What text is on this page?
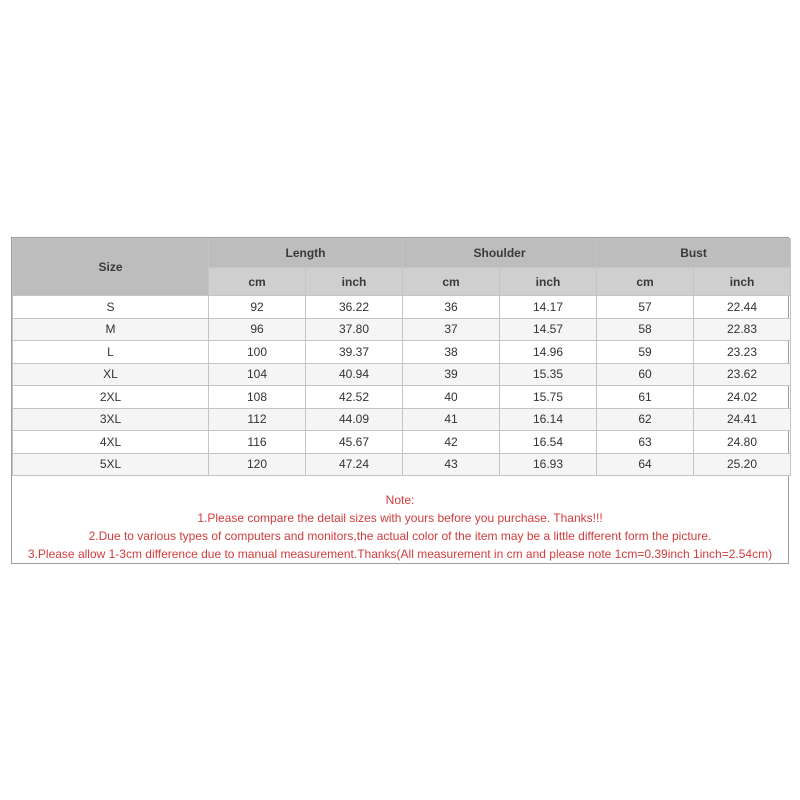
Size	Length		Shoulder		Bust	
	cm	inch	cm	inch	cm	inch
S	92	36.22	36	14.17	57	22.44
M	96	37.80	37	14.57	58	22.83
L	100	39.37	38	14.96	59	23.23
XL	104	40.94	39	15.35	60	23.62
2XL	108	42.52	40	15.75	61	24.02
3XL	112	44.09	41	16.14	62	24.41
4XL	116	45.67	42	16.54	63	24.80
5XL	120	47.24	43	16.93	64	25.20
Note:
1.Please compare the detail sizes with yours before you purchase. Thanks!!!
2.Due to various types of computers and monitors,the actual color of the item may be a little different form the picture.
3.Please allow 1-3cm difference due to manual measurement.Thanks(All measurement in cm and please note 1cm=0.39inch 1inch=2.54cm)
